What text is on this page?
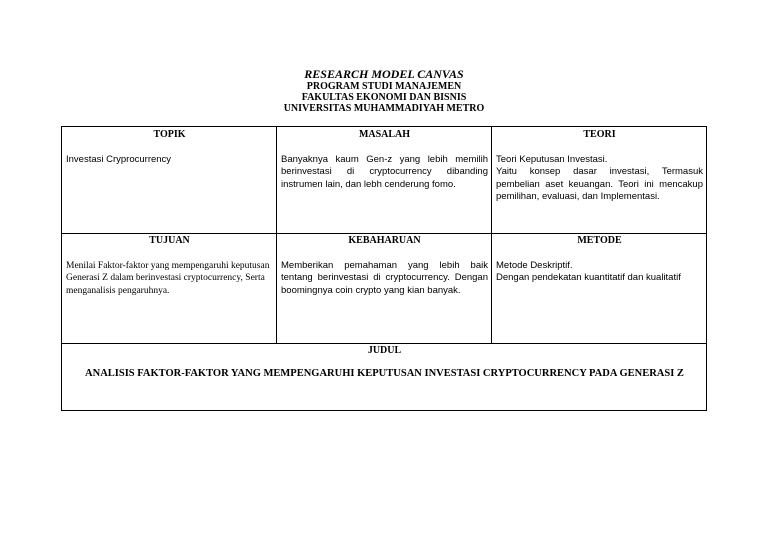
RESEARCH MODEL CANVAS
PROGRAM STUDI MANAJEMEN
FAKULTAS EKONOMI DAN BISNIS
UNIVERSITAS MUHAMMADIYAH METRO
TOPIK
Investasi Cryprocurrency
MASALAH
Banyaknya kaum Gen-z yang lebih memilih berinvestasi di cryptocurrency dibanding instrumen lain, dan lebh cenderung fomo.
TEORI
Teori Keputusan Investasi.
Yaitu konsep dasar investasi, Termasuk pembelian aset keuangan. Teori ini mencakup pemilihan, evaluasi, dan Implementasi.
TUJUAN
Menilai Faktor-faktor yang mempengaruhi keputusan Generasi Z dalam berinvestasi cryptocurrency, Serta menganalisis pengaruhnya.
KEBAHARUAN
Memberikan pemahaman yang lebih baik tentang berinvestasi di cryptocurrency. Dengan boomingnya coin crypto yang kian banyak.
METODE
Metode Deskriptif.
Dengan pendekatan kuantitatif dan kualitatif
JUDUL
ANALISIS FAKTOR-FAKTOR YANG MEMPENGARUHI KEPUTUSAN INVESTASI CRYPTOCURRENCY PADA GENERASI Z
